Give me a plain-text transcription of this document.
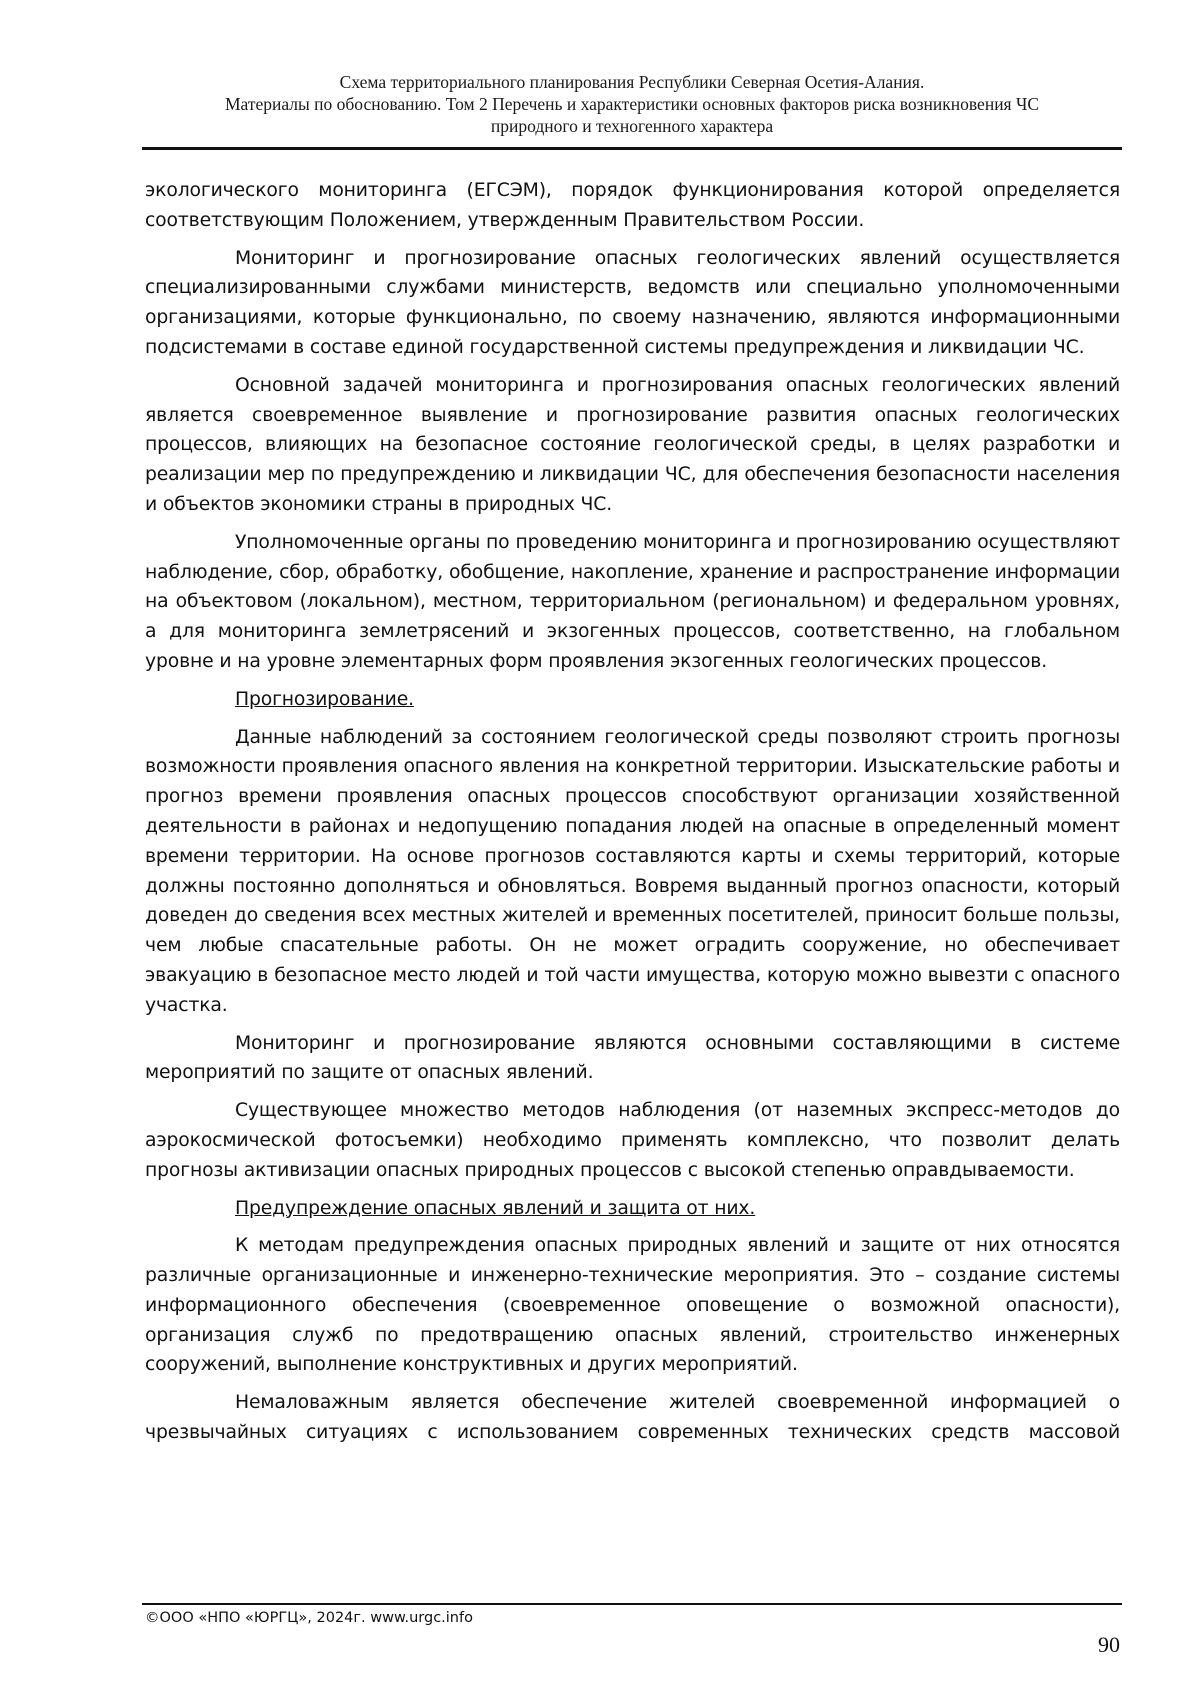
Схема территориального планирования Республики Северная Осетия-Алания.
Материалы по обоснованию. Том 2 Перечень и характеристики основных факторов риска возникновения ЧС
природного и техногенного характера

экологического мониторинга (ЕГСЭМ), порядок функционирования которой определяется соответствующим Положением, утвержденным Правительством России.

Мониторинг и прогнозирование опасных геологических явлений осуществляется специализированными службами министерств, ведомств или специально уполномоченными организациями, которые функционально, по своему назначению, являются информационными подсистемами в составе единой государственной системы предупреждения и ликвидации ЧС.

Основной задачей мониторинга и прогнозирования опасных геологических явлений является своевременное выявление и прогнозирование развития опасных геологических процессов, влияющих на безопасное состояние геологической среды, в целях разработки и реализации мер по предупреждению и ликвидации ЧС, для обеспечения безопасности населения и объектов экономики страны в природных ЧС.

Уполномоченные органы по проведению мониторинга и прогнозированию осуществляют наблюдение, сбор, обработку, обобщение, накопление, хранение и распространение информации на объектовом (локальном), местном, территориальном (региональном) и федеральном уровнях, а для мониторинга землетрясений и экзогенных процессов, соответственно, на глобальном уровне и на уровне элементарных форм проявления экзогенных геологических процессов.

Прогнозирование.

Данные наблюдений за состоянием геологической среды позволяют строить прогнозы возможности проявления опасного явления на конкретной территории. Изыскательские работы и прогноз времени проявления опасных процессов способствуют организации хозяйственной деятельности в районах и недопущению попадания людей на опасные в определенный момент времени территории. На основе прогнозов составляются карты и схемы территорий, которые должны постоянно дополняться и обновляться. Вовремя выданный прогноз опасности, который доведен до сведения всех местных жителей и временных посетителей, приносит больше пользы, чем любые спасательные работы. Он не может оградить сооружение, но обеспечивает эвакуацию в безопасное место людей и той части имущества, которую можно вывезти с опасного участка.

Мониторинг и прогнозирование являются основными составляющими в системе мероприятий по защите от опасных явлений.

Существующее множество методов наблюдения (от наземных экспресс-методов до аэрокосмической фотосъемки) необходимо применять комплексно, что позволит делать прогнозы активизации опасных природных процессов с высокой степенью оправдываемости.

Предупреждение опасных явлений и защита от них.

К методам предупреждения опасных природных явлений и защите от них относятся различные организационные и инженерно-технические мероприятия. Это – создание системы информационного обеспечения (своевременное оповещение о возможной опасности), организация служб по предотвращению опасных явлений, строительство инженерных сооружений, выполнение конструктивных и других мероприятий.

Немаловажным является обеспечение жителей своевременной информацией о чрезвычайных ситуациях с использованием современных технических средств массовой

©ООО «НПО «ЮРГЦ», 2024г. www.urgc.info
90
